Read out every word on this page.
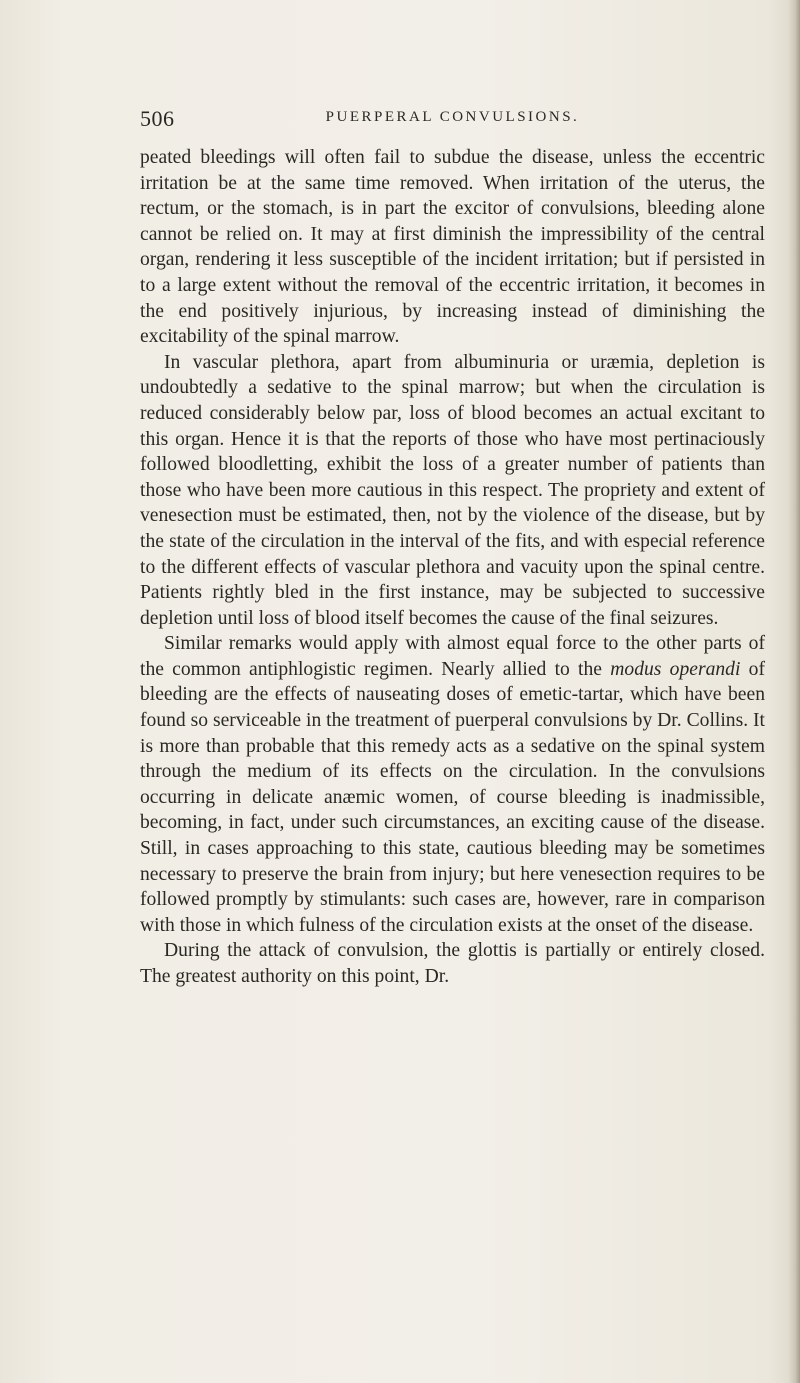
506	PUERPERAL CONVULSIONS.

peated bleedings will often fail to subdue the disease, unless the eccentric irritation be at the same time removed. When irritation of the uterus, the rectum, or the stomach, is in part the excitor of convulsions, bleeding alone cannot be relied on. It may at first diminish the impressibility of the central organ, rendering it less susceptible of the incident irritation; but if persisted in to a large extent without the removal of the eccentric irritation, it becomes in the end positively injurious, by increasing instead of diminishing the excitability of the spinal marrow.

In vascular plethora, apart from albuminuria or uræmia, depletion is undoubtedly a sedative to the spinal marrow; but when the circulation is reduced considerably below par, loss of blood becomes an actual excitant to this organ. Hence it is that the reports of those who have most pertinaciously followed bloodletting, exhibit the loss of a greater number of patients than those who have been more cautious in this respect. The propriety and extent of venesection must be estimated, then, not by the violence of the disease, but by the state of the circulation in the interval of the fits, and with especial reference to the different effects of vascular plethora and vacuity upon the spinal centre. Patients rightly bled in the first instance, may be subjected to successive depletion until loss of blood itself becomes the cause of the final seizures.

Similar remarks would apply with almost equal force to the other parts of the common antiphlogistic regimen. Nearly allied to the modus operandi of bleeding are the effects of nauseating doses of emetic-tartar, which have been found so serviceable in the treatment of puerperal convulsions by Dr. Collins. It is more than probable that this remedy acts as a sedative on the spinal system through the medium of its effects on the circulation. In the convulsions occurring in delicate anæmic women, of course bleeding is inadmissible, becoming, in fact, under such circumstances, an exciting cause of the disease. Still, in cases approaching to this state, cautious bleeding may be sometimes necessary to preserve the brain from injury; but here venesection requires to be followed promptly by stimulants: such cases are, however, rare in comparison with those in which fulness of the circulation exists at the onset of the disease.

During the attack of convulsion, the glottis is partially or entirely closed. The greatest authority on this point, Dr.
